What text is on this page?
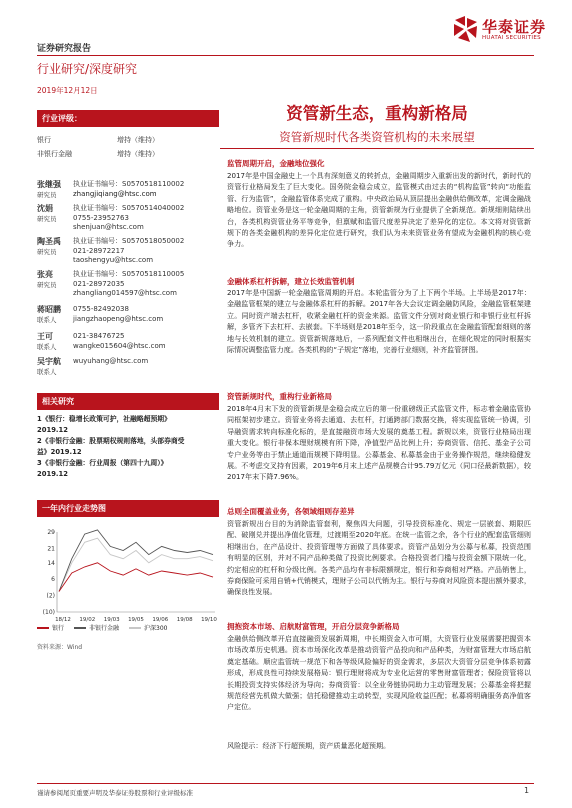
华泰证券
HUATAI SECURITIES
证券研究报告
行业研究/深度研究
2019年12月12日
行业评级：
银行	增持（维持）
非银行金融	增持（维持）
张继强
研究员
执业证书编号：S0570518110002
zhangjiqiang@htsc.com
沈娟
研究员
执业证书编号：S0570514040002
0755-23952763
shenjuan@htsc.com
陶圣禹
研究员
执业证书编号：S0570518050002
021-28972217
taoshengyu@htsc.com
张亮
研究员
执业证书编号：S0570518110005
021-28972035
zhangliang014597@htsc.com
蒋昭鹏
联系人
0755-82492038
jiangzhaopeng@htsc.com
王可
联系人
021-38476725
wangke015604@htsc.com
吴宇航
联系人
wuyuhang@htsc.com
相关研究
1《银行：稳增长政策可护，社融略超预期》
2019.12
2《非银行金融：股票期权规则落地，头部券商受益》2019.12
3《非银行金融：行业周报（第四十九周）》
2019.12
一年内行业走势图
29
21
14
6
(2)
(10)
18/12 19/02 19/03 19/05 19/06 19/08 19/10
银行	非银行金融	沪深300
资料来源：Wind
资管新生态，重构新格局
资管新规时代各类资管机构的未来展望
监管周期开启，金融地位强化
2017年是中国金融史上一个具有深刻意义的转折点，金融周期步入重新出发的新时代，新时代的资管行业格局发生了巨大变化。国务院金稳会成立，监管模式由过去的“机构监管”转向“功能监管、行为监管”，金融监管体系完成了重构。中央政治局从顶层提出金融供给侧改革，定调金融战略地位。资管业务是这一轮金融周期的主角，资管新规为行业提供了全新规范。新规细则陆续出台，各类机构资管业务平等竞争，但禀赋和监管尺度差异决定了差异化的定位。本文将对资管新规下的各类金融机构的差异化定位进行研究，我们认为未来资管业务有望成为金融机构的核心竞争力。
金融体系杠杆拆解，建立长效监管机制
2017年是中国新一轮金融监管周期的开启。本轮监管分为了上下两个半场。上半场是2017年：金融监管框架的建立与金融体系杠杆的拆解。2017年各大会议定调金融防风险，金融监管框架建立。同时资产端去杠杆，收紧金融杠杆的资金来源。监管文件分别对商业银行和非银行业杠杆拆解，多管齐下去杠杆、去嵌套。下半场则是2018年至今，这一阶段重点在金融监管配套细则的落地与长效机制的建立。资管新规落地后，一系列配套文件也相继出台，在细化规定的同时根据实际情况调整监管力度。各类机构的“子规定”落地，完善行业细则，补齐监管拼图。
资管新规时代，重构行业新格局
2018年4月末下发的资管新规是金稳会成立后的第一份重磅级正式监管文件，标志着金融监管协同框架初步建立。资管业务将去通道、去杠杆，打通跨部门数据交换，将实现监管统一协调，引导融资需求转向标准化标的，是直接融资市场大发展的奠基工程。新规以来，资管行业格局出现重大变化。银行非保本理财规模有所下降，净值型产品比例上升；券商资管、信托、基金子公司专户业务等由于禁止通道而规模下降明显。公募基金、私募基金由于业务操作规范，继续稳健发展。不考虑交叉持有因素，2019年6月末上述产品规模合计95.79万亿元（同口径最新数据），较2017年末下降7.96%。
总则全面覆盖业务，各领域细则存差异
资管新规出台目的为消除监管套利，聚焦四大问题，引导投资标准化、规定一层嵌套、期限匹配、破刚兑并提出净值化管理，过渡期至2020年底。在统一监管之余，各个行业的配套监管细则相继出台，在产品设计、投资管理等方面做了具体要求。资管产品划分为公募与私募，投资范围有明显的区别，并对不同产品种类做了投资比例要求。合格投资者门槛与投资金额下限统一化，约定相应的杠杆和分级比例。各类产品均有非标限额规定，银行和券商相对严格。产品销售上，券商保险可采用自销+代销模式，理财子公司以代销为主。银行与券商对风险资本提出额外要求，确保良性发展。
拥抱资本市场、启航财富管理，开启分层竞争新格局
金融供给侧改革开启直接融资发展新周期，中长期资金入市可期，大资管行业发展需要把握资本市场改革历史机遇。资本市场深化改革是推动资管产品投向和产品种类，为财富管理大市场启航奠定基础。顺应监管统一规范下和各等级风险偏好的资金需求，多层次大资管分层竞争体系初露形成，形成良性可持续发展格局：银行理财将成为专业化运营的零售财富管理者；保险资管将以长期投资支持实体经济为导向；券商资管：以全业务链协同助力主动管理发展；公募基金将把握规范经营先机做大做强；信托稳健推动主动转型，实现风险收益匹配；私募将明确服务高净值客户定位。
风险提示：经济下行超预期，资产质量恶化超预期。
谨请参阅尾页重要声明及华泰证券股票和行业评级标准	1
